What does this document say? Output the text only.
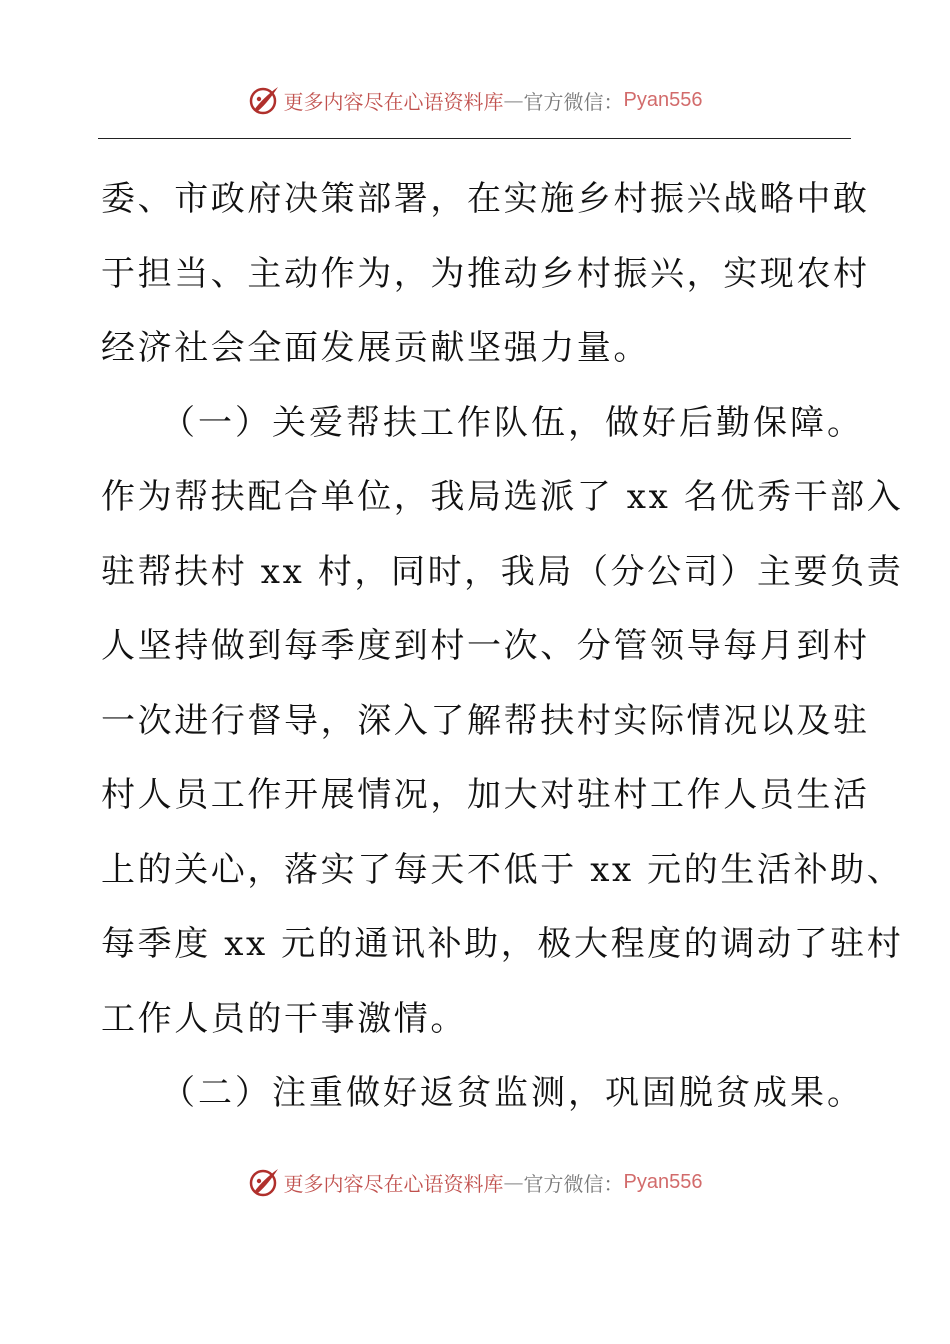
更多内容尽在心语资料库 — 官方微信： Pyan556
委、市政府决策部署，在实施乡村振兴战略中敢
于担当、主动作为，为推动乡村振兴，实现农村
经济社会全面发展贡献坚强力量。
（一）关爱帮扶工作队伍，做好后勤保障。
作为帮扶配合单位，我局选派了 xx 名优秀干部入
驻帮扶村 xx 村，同时，我局（分公司）主要负责
人坚持做到每季度到村一次、分管领导每月到村
一次进行督导，深入了解帮扶村实际情况以及驻
村人员工作开展情况，加大对驻村工作人员生活
上的关心，落实了每天不低于 xx 元的生活补助、
每季度 xx 元的通讯补助，极大程度的调动了驻村
工作人员的干事激情。
（二）注重做好返贫监测，巩固脱贫成果。
更多内容尽在心语资料库 — 官方微信： Pyan556
